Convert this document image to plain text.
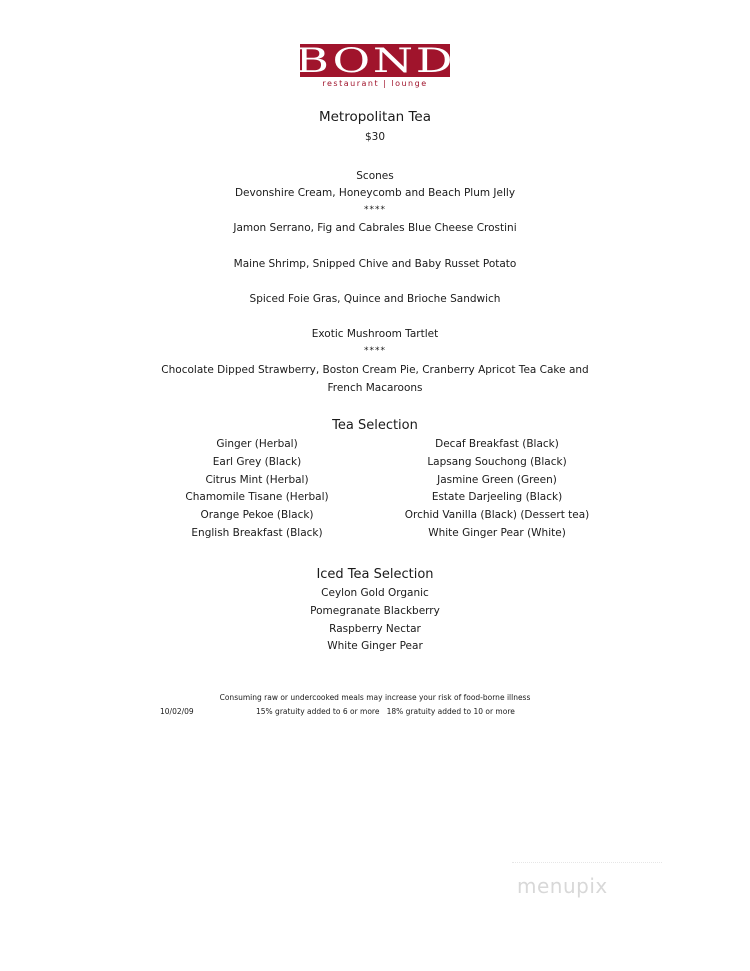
BOND
restaurant | lounge
Metropolitan Tea
$30
Scones
Devonshire Cream, Honeycomb and Beach Plum Jelly
****
Jamon Serrano, Fig and Cabrales Blue Cheese Crostini
Maine Shrimp, Snipped Chive and Baby Russet Potato
Spiced Foie Gras, Quince and Brioche Sandwich
Exotic Mushroom Tartlet
****
Chocolate Dipped Strawberry, Boston Cream Pie, Cranberry Apricot Tea Cake and
French Macaroons
Tea Selection
Ginger (Herbal)
Earl Grey (Black)
Citrus Mint (Herbal)
Chamomile Tisane (Herbal)
Orange Pekoe (Black)
English Breakfast (Black)
Decaf Breakfast (Black)
Lapsang Souchong (Black)
Jasmine Green (Green)
Estate Darjeeling (Black)
Orchid Vanilla (Black) (Dessert tea)
White Ginger Pear (White)
Iced Tea Selection
Ceylon Gold Organic
Pomegranate Blackberry
Raspberry Nectar
White Ginger Pear
Consuming raw or undercooked meals may increase your risk of food-borne illness
10/02/09	15% gratuity added to 6 or more   18% gratuity added to 10 or more
menupix
